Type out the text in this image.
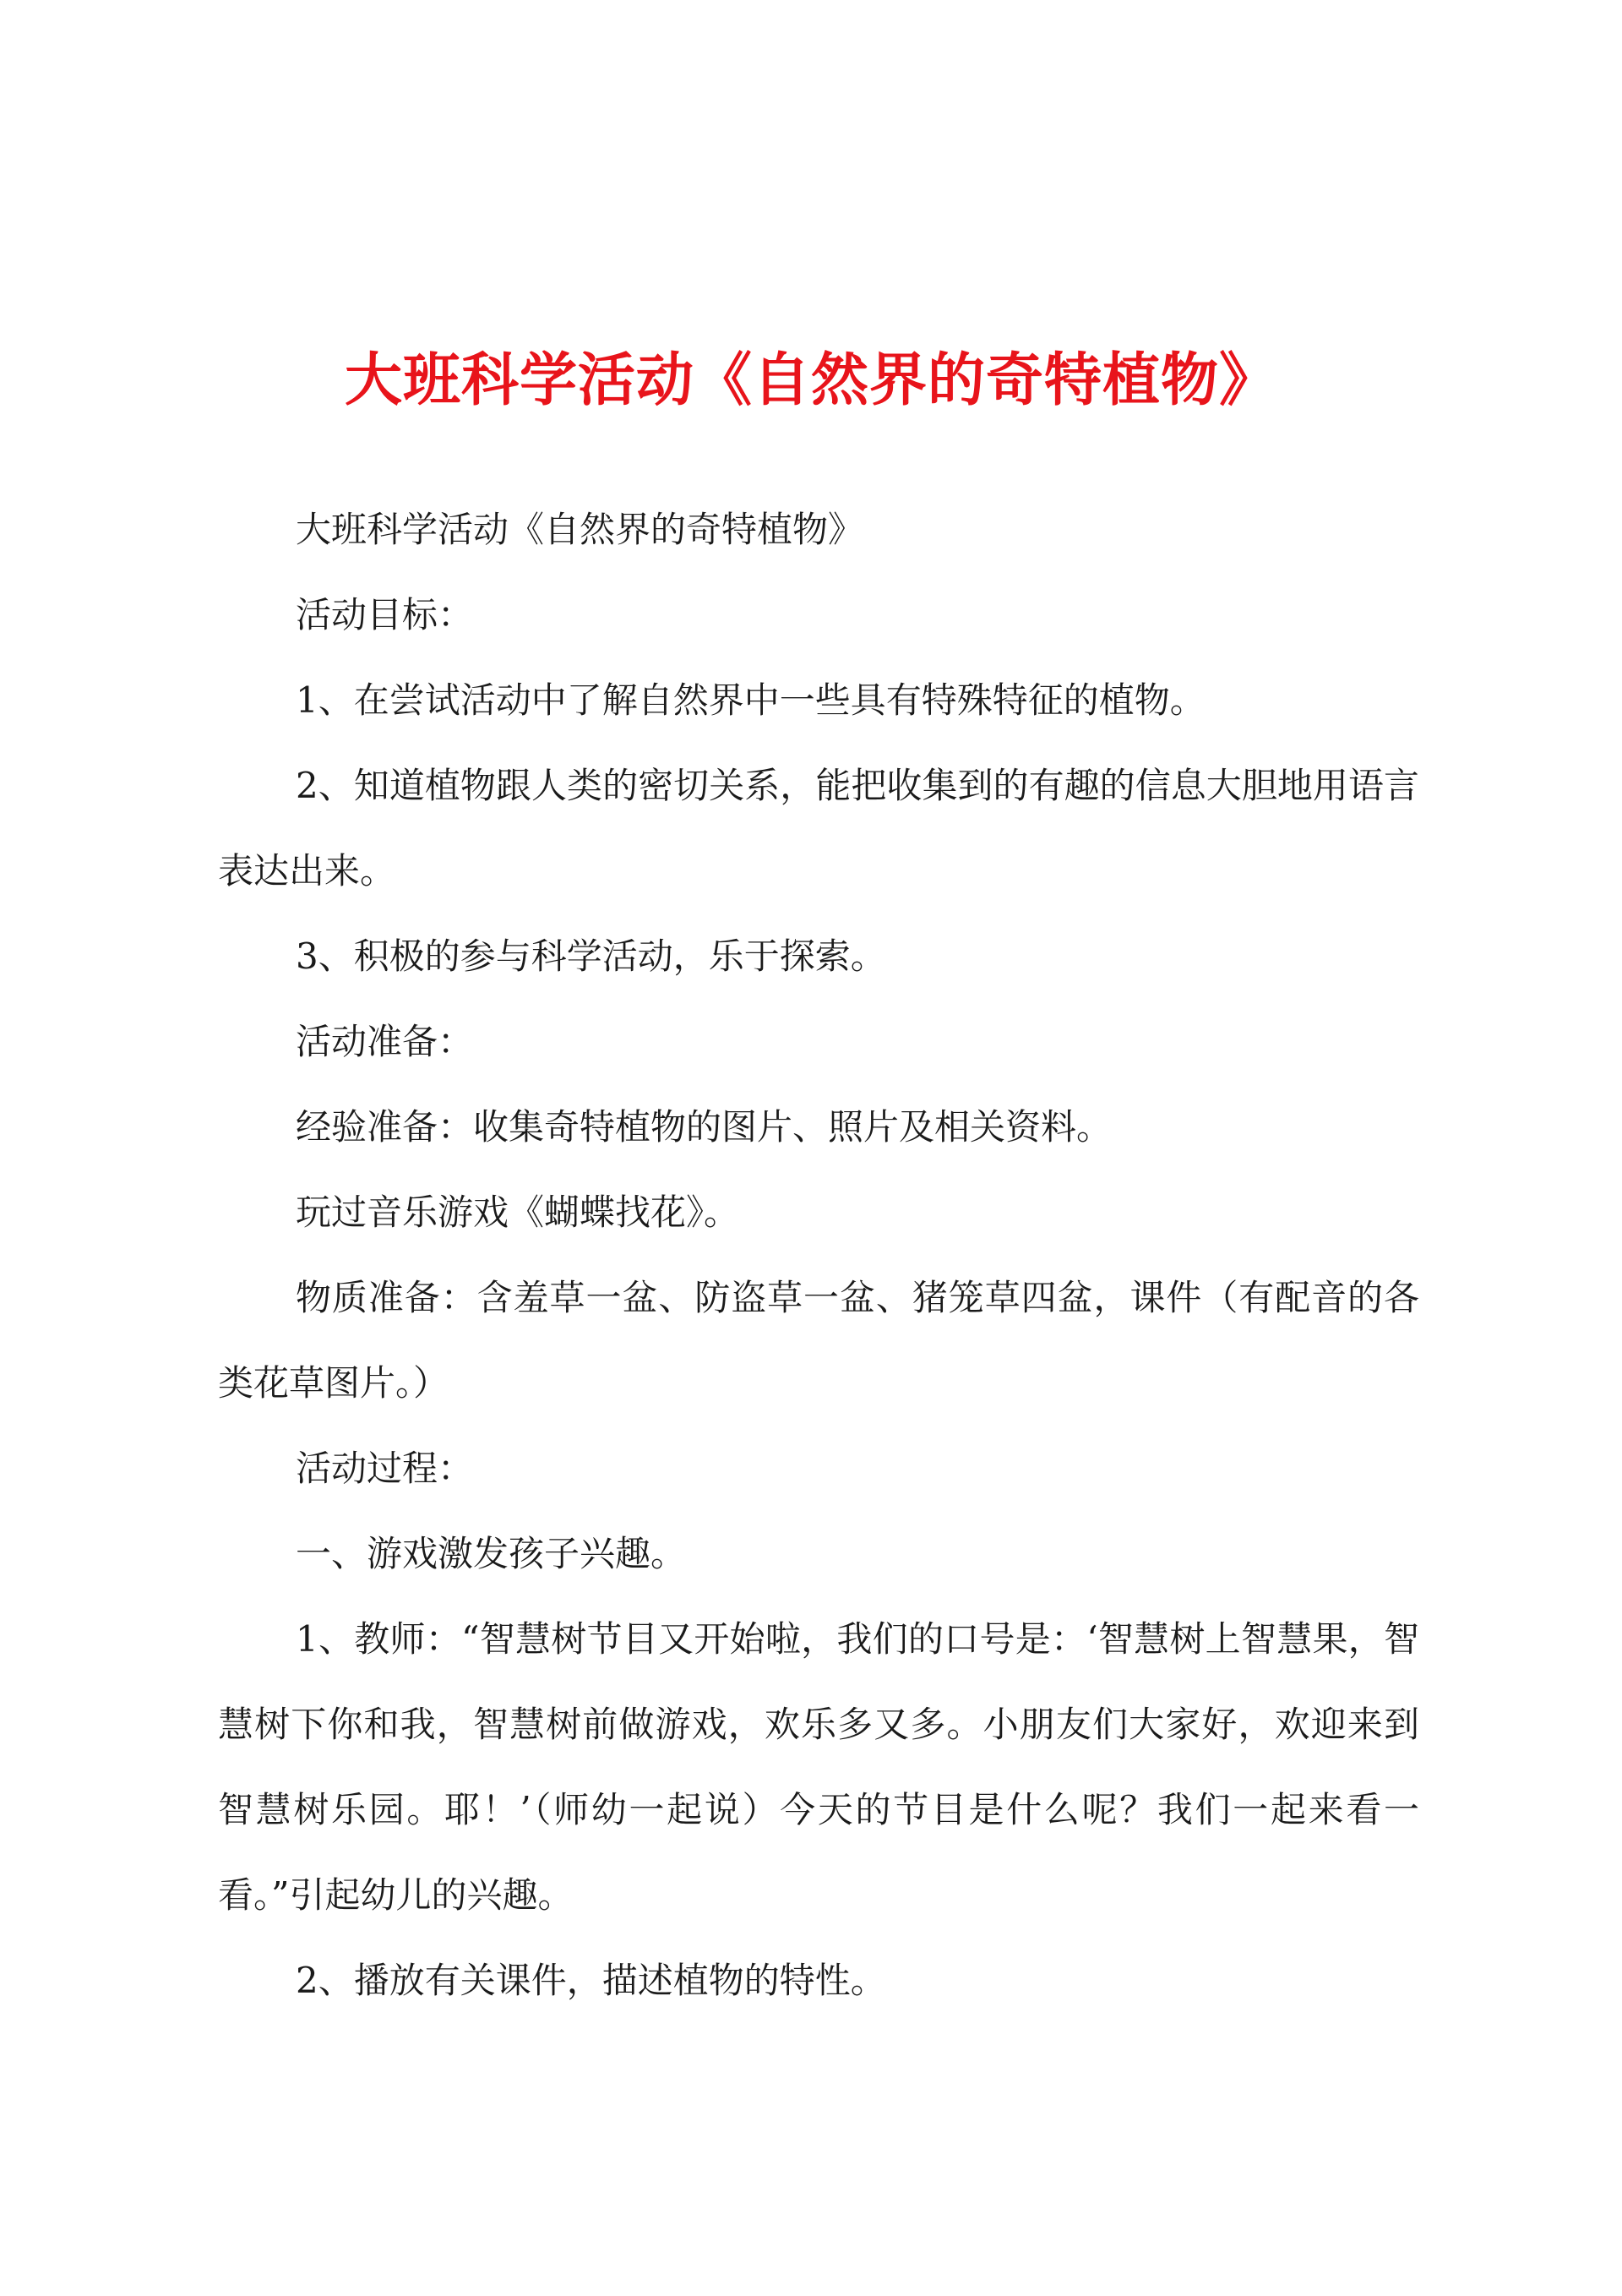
大班科学活动《自然界的奇特植物》

大班科学活动《自然界的奇特植物》

活动目标：

1、在尝试活动中了解自然界中一些具有特殊特征的植物。

2、知道植物跟人类的密切关系，能把收集到的有趣的信息大胆地用语言表达出来。

3、积极的参与科学活动，乐于探索。

活动准备：

经验准备：收集奇特植物的图片、照片及相关资料。

玩过音乐游戏《蝴蝶找花》。

物质准备：含羞草一盆、防盗草一盆、猪笼草四盆，课件（有配音的各类花草图片。）

活动过程：

一、游戏激发孩子兴趣。

1、教师：“智慧树节目又开始啦，我们的口号是：‘智慧树上智慧果，智慧树下你和我，智慧树前做游戏，欢乐多又多。小朋友们大家好，欢迎来到智慧树乐园。耶！’（师幼一起说）今天的节目是什么呢？我们一起来看一看。”引起幼儿的兴趣。

2、播放有关课件，描述植物的特性。
